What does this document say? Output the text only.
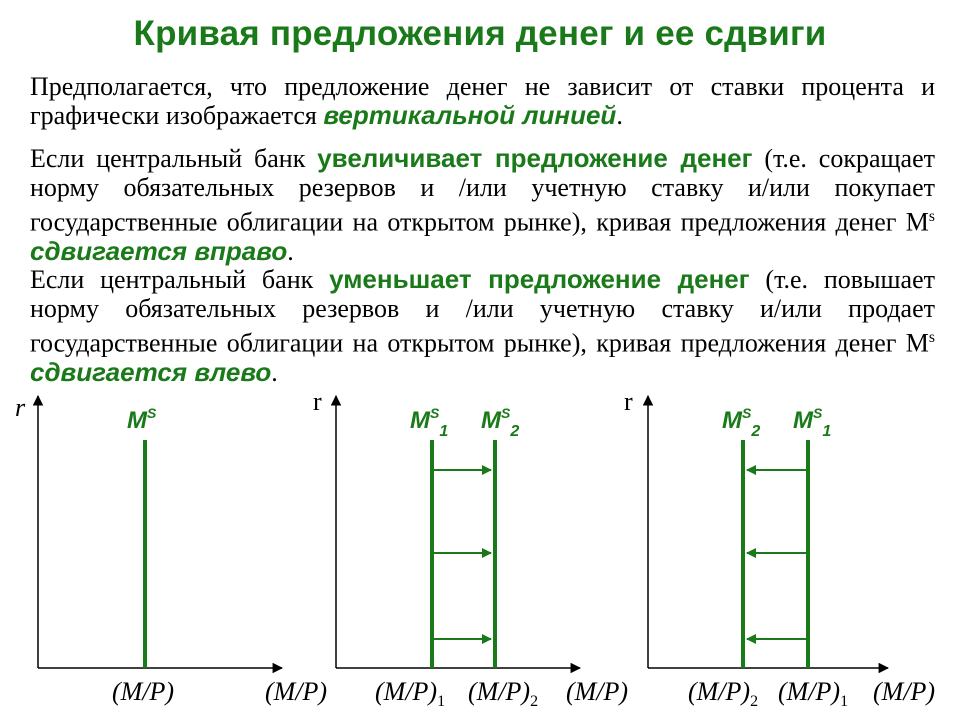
Кривая предложения денег и ее сдвиги
Предполагается, что предложение денег не зависит от ставки процента и графически изображается вертикальной линией.
Если центральный банк увеличивает предложение денег (т.е. сокращает норму обязательных резервов и /или учетную ставку и/или покупает государственные облигации на открытом рынке), кривая предложения денег $M^s$ сдвигается вправо.
Если центральный банк уменьшает предложение денег (т.е. повышает норму обязательных резервов и /или учетную ставку и/или продает государственные облигации на открытом рынке), кривая предложения денег $M^s$ сдвигается влево.
r	$M^S$
(M/P)	(M/P)
r
$M^S_1$ $M^S_2$
$(M/P)_1$ $(M/P)_2$ (M/P)
r
$M^S_2$ $M^S_1$
$(M/P)_2$ $(M/P)_1$ (M/P)
